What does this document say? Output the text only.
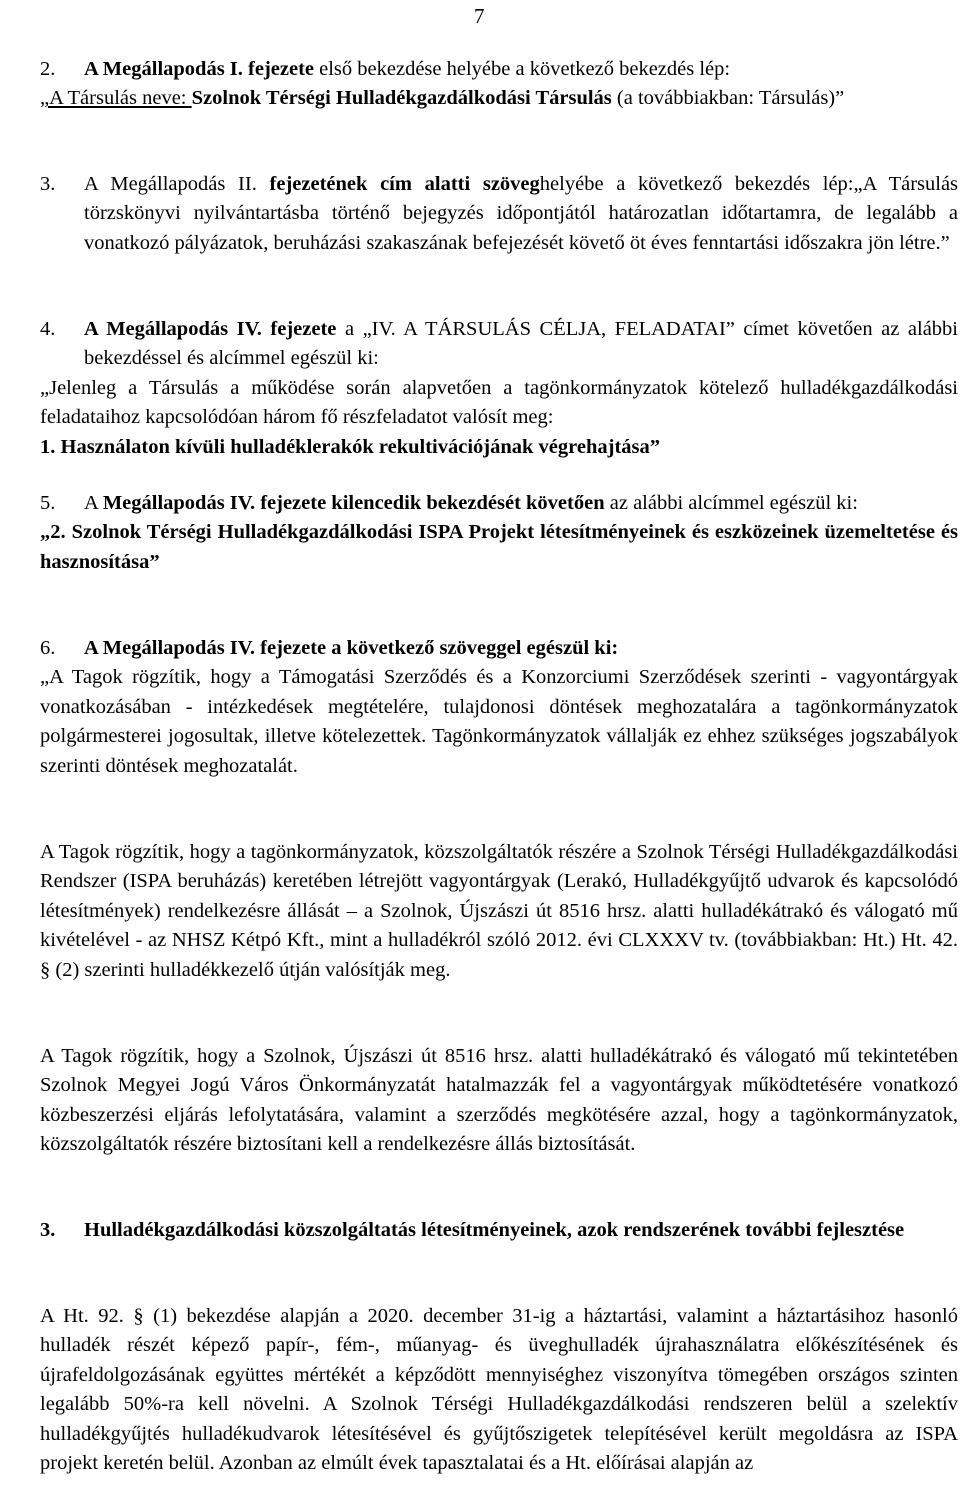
7
2.	A Megállapodás I. fejezete első bekezdése helyébe a következő bekezdés lép:

„A Társulás neve: Szolnok Térségi Hulladékgazdálkodási Társulás (a továbbiakban: Társulás)”

3.	A Megállapodás II. fejezetének cím alatti szöveghelyébe a következő bekezdés lép:„A Társulás törzskönyvi nyilvántartásba történő bejegyzés időpontjától határozatlan időtartamra, de legalább a vonatkozó pályázatok, beruházási szakaszának befejezését követő öt éves fenntartási időszakra jön létre.”
4.	A Megállapodás IV. fejezete a „IV. A TÁRSULÁS CÉLJA, FELADATAI” címet követően az alábbi bekezdéssel és alcímmel egészül ki:

„Jelenleg a Társulás a működése során alapvetően a tagönkormányzatok kötelező hulladékgazdálkodási feladataihoz kapcsolódóan három fő részfeladatot valósít meg:

1. Használaton kívüli hulladéklerakók rekultivációjának végrehajtása”

5.	A Megállapodás IV. fejezete kilencedik bekezdését követően az alábbi alcímmel egészül ki:

„2. Szolnok Térségi Hulladékgazdálkodási ISPA Projekt létesítményeinek és eszközeinek üzemeltetése és hasznosítása”

6.	A Megállapodás IV. fejezete a következő szöveggel egészül ki:

„A Tagok rögzítik, hogy a Támogatási Szerződés és a Konzorciumi Szerződések szerinti - vagyontárgyak vonatkozásában - intézkedések megtételére, tulajdonosi döntések meghozatalára a tagönkormányzatok polgármesterei jogosultak, illetve kötelezettek. Tagönkormányzatok vállalják ez ehhez szükséges jogszabályok szerinti döntések meghozatalát.

A Tagok rögzítik, hogy a tagönkormányzatok, közszolgáltatók részére a Szolnok Térségi Hulladékgazdálkodási Rendszer (ISPA beruházás) keretében létrejött vagyontárgyak (Lerakó, Hulladékgyűjtő udvarok és kapcsolódó létesítmények) rendelkezésre állását – a Szolnok, Újszászi út 8516 hrsz. alatti hulladékátrakó és válogató mű kivételével - az NHSZ Kétpó Kft., mint a hulladékról szóló 2012. évi CLXXXV tv. (továbbiakban: Ht.) Ht. 42. § (2) szerinti hulladékkezelő útján valósítják meg.

A Tagok rögzítik, hogy a Szolnok, Újszászi út 8516 hrsz. alatti hulladékátrakó és válogató mű tekintetében Szolnok Megyei Jogú Város Önkormányzatát hatalmazzák fel a vagyontárgyak működtetésére vonatkozó közbeszerzési eljárás lefolytatására, valamint a szerződés megkötésére azzal, hogy a tagönkormányzatok, közszolgáltatók részére biztosítani kell a rendelkezésre állás biztosítását.

3.	Hulladékgazdálkodási közszolgáltatás létesítményeinek, azok rendszerének további fejlesztése

A Ht. 92. § (1) bekezdése alapján a 2020. december 31-ig a háztartási, valamint a háztartásihoz hasonló hulladék részét képező papír-, fém-, műanyag- és üveghulladék újrahasználatra előkészítésének és újrafeldolgozásának együttes mértékét a képződött mennyiséghez viszonyítva tömegében országos szinten legalább 50%-ra kell növelni. A Szolnok Térségi Hulladékgazdálkodási rendszeren belül a szelektív hulladékgyűjtés hulladékudvarok létesítésével és gyűjtőszigetek telepítésével került megoldásra az ISPA projekt keretén belül. Azonban az elmúlt évek tapasztalatai és a Ht. előírásai alapján az
